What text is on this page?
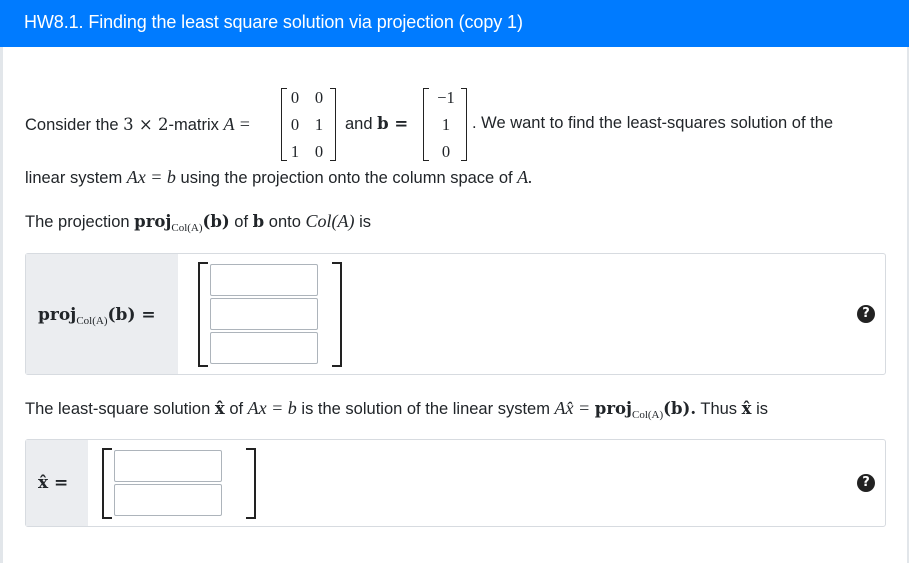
HW8.1. Finding the least square solution via projection (copy 1)
Consider the 3 × 2-matrix A =
0 0
0 1
1 0
and b =
−1
1
0
. We want to find the least-squares solution of the
linear system Ax = b using the projection onto the column space of A.
The projection proj$_{Col(A)}$(b) of b onto Col(A) is
proj$_{Col(A)}$(b) =	?
The least-square solution x̂ of Ax = b is the solution of the linear system Ax̂ = proj$_{Col(A)}$(b). Thus x̂ is
x̂ =	?
